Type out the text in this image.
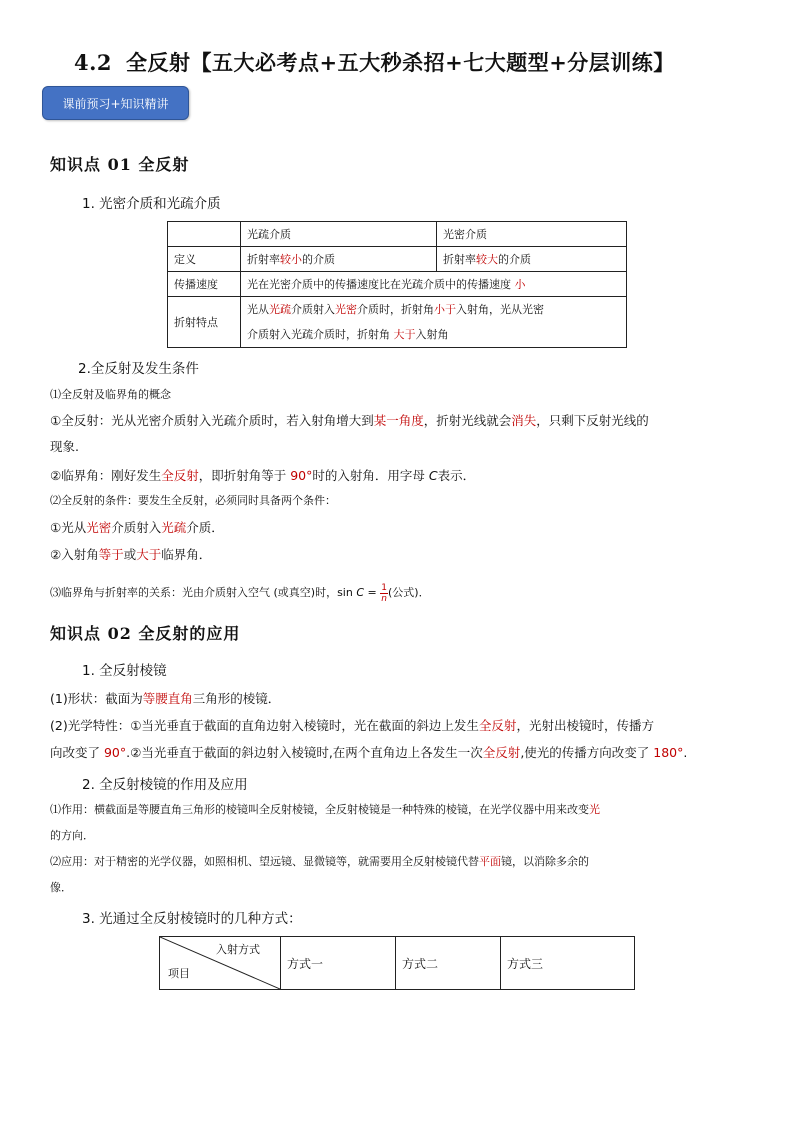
4.2 全反射【五大必考点+五大秒杀招+七大题型+分层训练】
课前预习+知识精讲
知识点 01 全反射
1. 光密介质和光疏介质
	光疏介质	光密介质
定义	折射率较小的介质	折射率较大的介质
传播速度	光在光密介质中的传播速度比在光疏介质中的传播速度 小	
折射特点	光从光疏介质射入光密介质时，折射角小于入射角，光从光密
介质射入光疏介质时，折射角 大于入射角	
2.全反射及发生条件
⑴全反射及临界角的概念
①全反射：光从光密介质射入光疏介质时，若入射角增大到某一角度，折射光线就会消失，只剩下反射光线的
现象.
②临界角：刚好发生全反射，即折射角等于 90°时的入射角．用字母 C表示．
⑵全反射的条件：要发生全反射，必须同时具备两个条件：
①光从光密介质射入光疏介质．
②入射角等于或大于临界角．
⑶临界角与折射率的关系：光由介质射入空气 (或真空)时，$\sin C = \frac{1}{n}$ (公式)．
知识点 02 全反射的应用
1. 全反射棱镜
(1)形状：截面为等腰直角三角形的棱镜．
(2)光学特性：①当光垂直于截面的直角边射入棱镜时，光在截面的斜边上发生全反射，光射出棱镜时，传播方
向改变了 90°.②当光垂直于截面的斜边射入棱镜时,在两个直角边上各发生一次全反射,使光的传播方向改变了 180°.
2. 全反射棱镜的作用及应用
⑴作用：横截面是等腰直角三角形的棱镜叫全反射棱镜，全反射棱镜是一种特殊的棱镜，在光学仪器中用来改变光
的方向．
⑵应用：对于精密的光学仪器，如照相机、望远镜、显微镜等，就需要用全反射棱镜代替平面镜，以消除多余的
像．
3. 光通过全反射棱镜时的几种方式：
入射方式
项目
	方式一	方式二	方式三
